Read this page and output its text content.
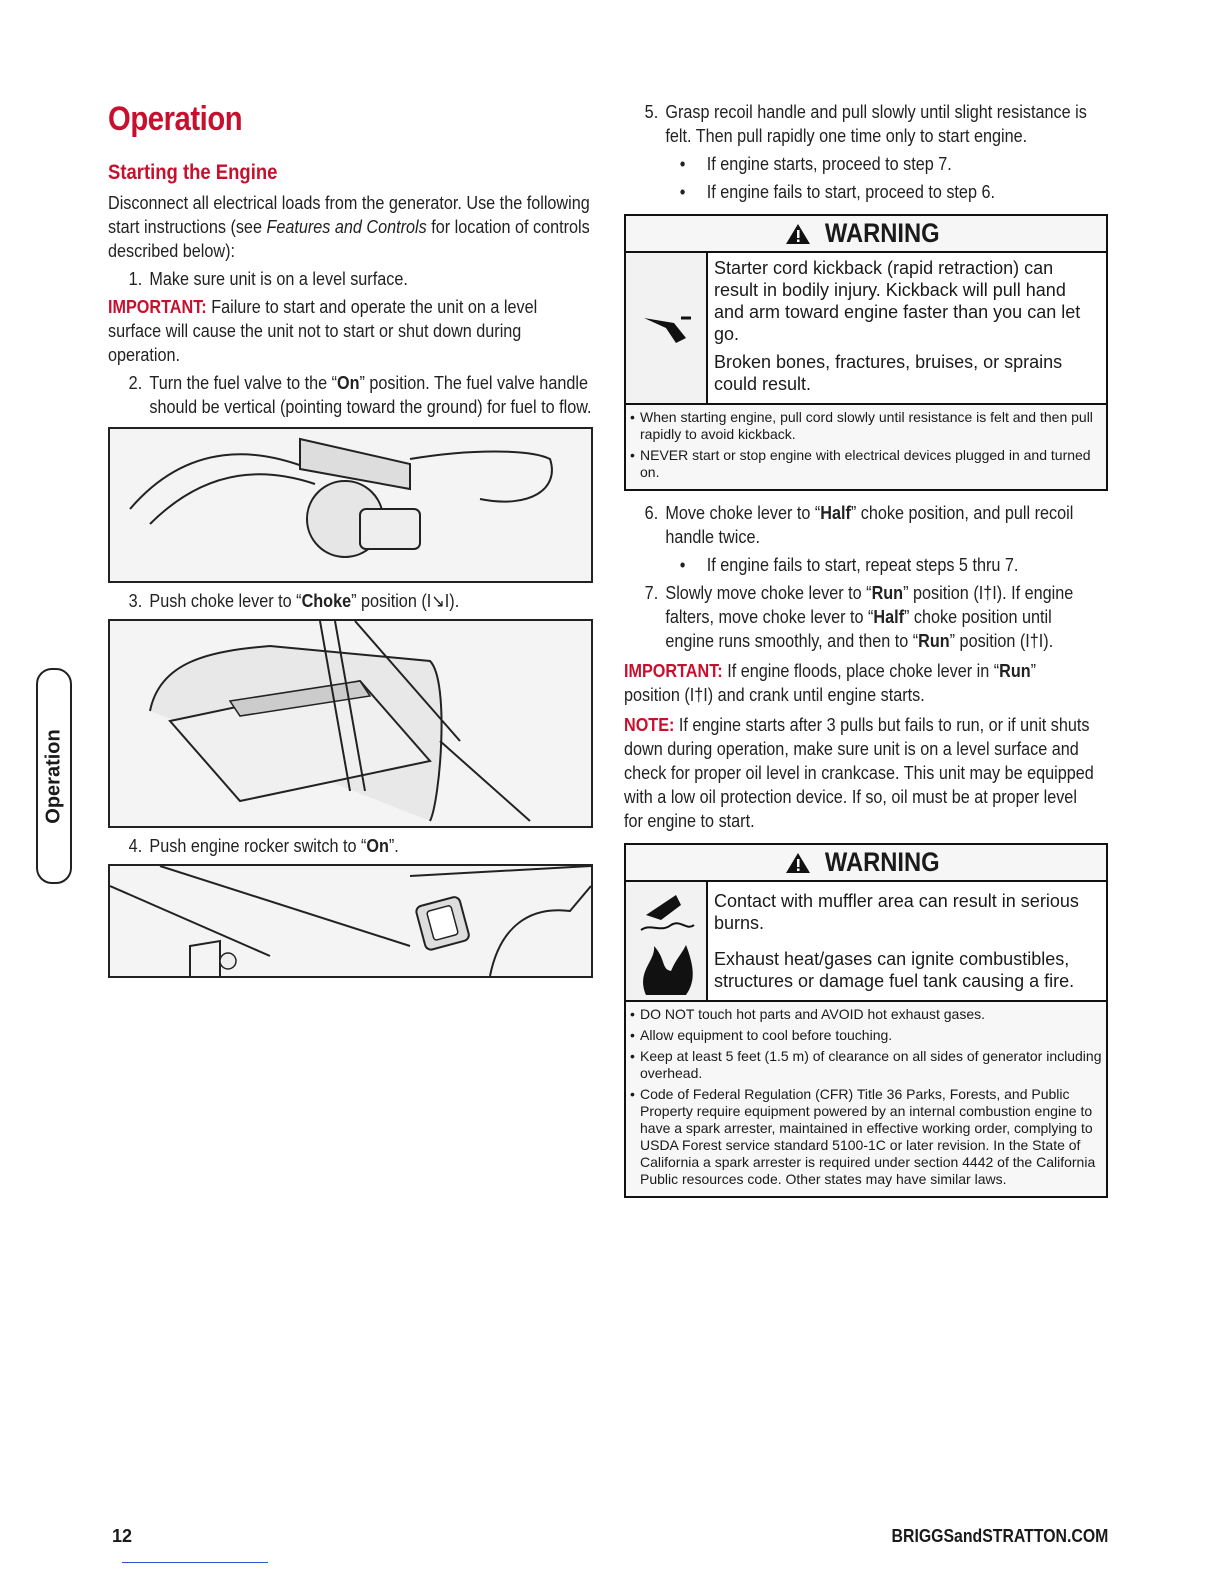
Operation
Starting the Engine

Disconnect all electrical loads from the generator. Use the following start instructions (see Features and Controls for location of controls described below):

1. Make sure unit is on a level surface.

IMPORTANT: Failure to start and operate the unit on a level surface will cause the unit not to start or shut down during operation.

2. Turn the fuel valve to the “On” position. The fuel valve handle should be vertical (pointing toward the ground) for fuel to flow.
3. Push choke lever to “Choke” position (I↘I).
4. Push engine rocker switch to “On”.
5. Grasp recoil handle and pull slowly until slight resistance is felt. Then pull rapidly one time only to start engine.
•	If engine starts, proceed to step 7.
•	If engine fails to start, proceed to step 6.
WARNING
Starter cord kickback (rapid retraction) can result in bodily injury. Kickback will pull hand and arm toward engine faster than you can let go.
Broken bones, fractures, bruises, or sprains could result.
• When starting engine, pull cord slowly until resistance is felt and then pull rapidly to avoid kickback.
• NEVER start or stop engine with electrical devices plugged in and turned on.
6. Move choke lever to “Half” choke position, and pull recoil handle twice.
•	If engine fails to start, repeat steps 5 thru 7.
7. Slowly move choke lever to “Run” position (I†I). If engine falters, move choke lever to “Half” choke position until engine runs smoothly, and then to “Run” position (I†I).

IMPORTANT: If engine floods, place choke lever in “Run” position (I†I) and crank until engine starts.

NOTE: If engine starts after 3 pulls but fails to run, or if unit shuts down during operation, make sure unit is on a level surface and check for proper oil level in crankcase. This unit may be equipped with a low oil protection device. If so, oil must be at proper level for engine to start.

WARNING
Contact with muffler area can result in serious burns.
Exhaust heat/gases can ignite combustibles, structures or damage fuel tank causing a fire.
• DO NOT touch hot parts and AVOID hot exhaust gases.
• Allow equipment to cool before touching.
• Keep at least 5 feet (1.5 m) of clearance on all sides of generator including overhead.
• Code of Federal Regulation (CFR) Title 36 Parks, Forests, and Public Property require equipment powered by an internal combustion engine to have a spark arrester, maintained in effective working order, complying to USDA Forest service standard 5100-1C or later revision. In the State of California a spark arrester is required under section 4442 of the California Public resources code. Other states may have similar laws.
Operation
12	BRIGGSandSTRATTON.COM
